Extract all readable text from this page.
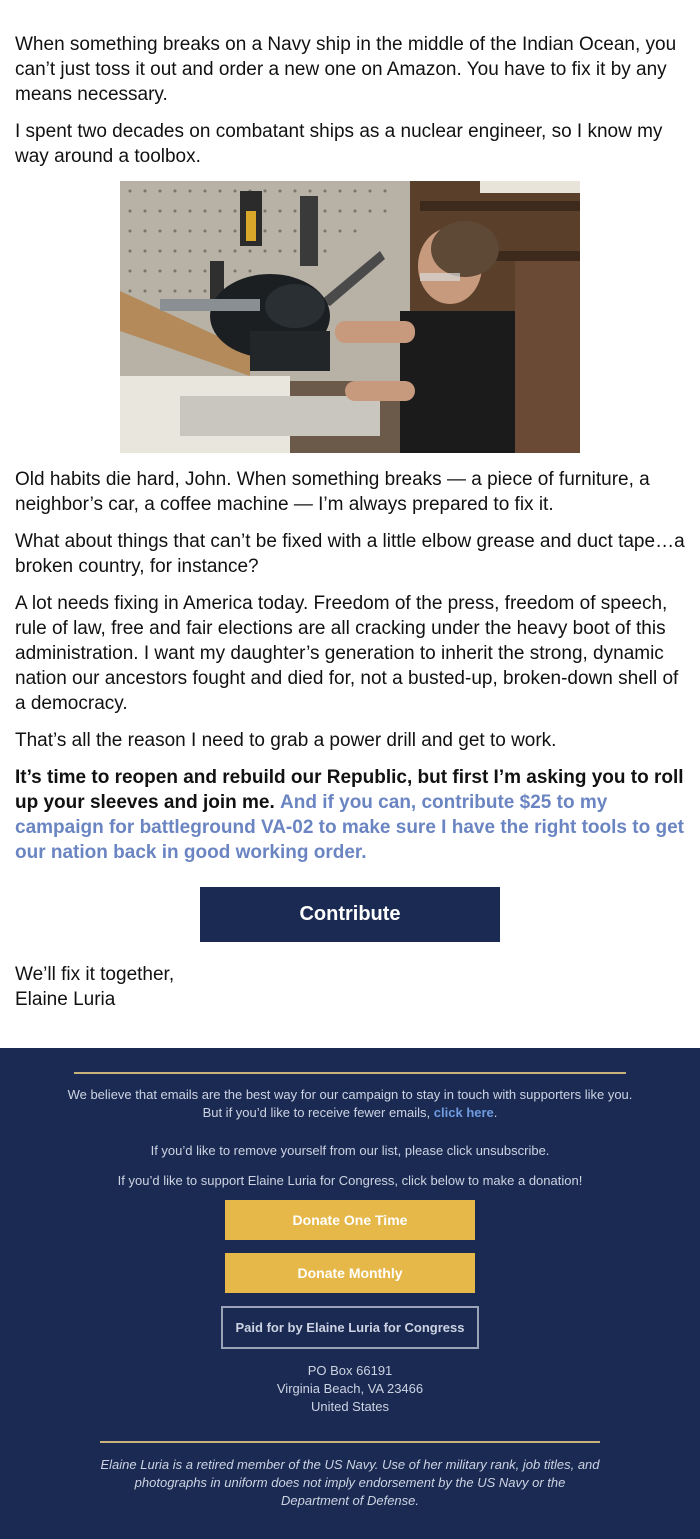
When something breaks on a Navy ship in the middle of the Indian Ocean, you can’t just toss it out and order a new one on Amazon. You have to fix it by any means necessary.

I spent two decades on combatant ships as a nuclear engineer, so I know my way around a toolbox.

Old habits die hard, John. When something breaks — a piece of furniture, a neighbor’s car, a coffee machine — I’m always prepared to fix it.

What about things that can’t be fixed with a little elbow grease and duct tape…a broken country, for instance?

A lot needs fixing in America today. Freedom of the press, freedom of speech, rule of law, free and fair elections are all cracking under the heavy boot of this administration. I want my daughter’s generation to inherit the strong, dynamic nation our ancestors fought and died for, not a busted-up, broken-down shell of a democracy.

That’s all the reason I need to grab a power drill and get to work.

It’s time to reopen and rebuild our Republic, but first I’m asking you to roll up your sleeves and join me. And if you can, contribute $25 to my campaign for battleground VA-02 to make sure I have the right tools to get our nation back in good working order.

Contribute
We’ll fix it together,
Elaine Luria
We believe that emails are the best way for our campaign to stay in touch with supporters like you. But if you’d like to receive fewer emails, click here.
If you’d like to remove yourself from our list, please click unsubscribe.
If you’d like to support Elaine Luria for Congress, click below to make a donation!
Donate One Time
Donate Monthly
Paid for by Elaine Luria for Congress
PO Box 66191
Virginia Beach, VA 23466
United States
Elaine Luria is a retired member of the US Navy. Use of her military rank, job titles, and photographs in uniform does not imply endorsement by the US Navy or the Department of Defense.
